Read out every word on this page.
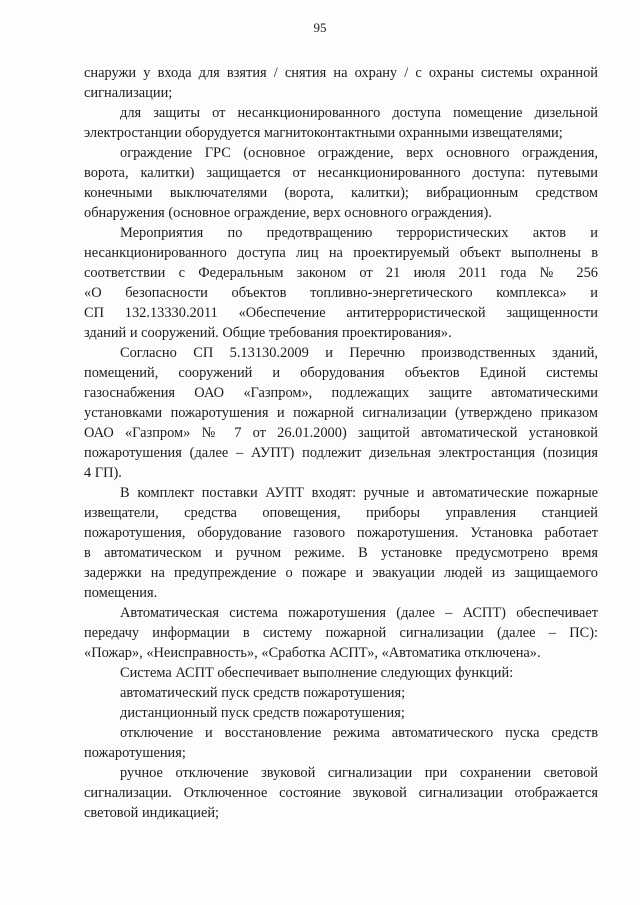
95
снаружи у входа для взятия / снятия на охрану / с охраны системы охранной
сигнализации;
для защиты от несанкционированного доступа помещение дизельной
электростанции оборудуется магнитоконтактными охранными извещателями;
ограждение ГРС (основное ограждение, верх основного ограждения,
ворота, калитки) защищается от несанкционированного доступа: путевыми
конечными выключателями (ворота, калитки); вибрационным средством
обнаружения (основное ограждение, верх основного ограждения).
Мероприятия по предотвращению террористических актов и
несанкционированного доступа лиц на проектируемый объект выполнены в
соответствии с Федеральным законом от 21 июля 2011 года № 256
«О безопасности объектов топливно-энергетического комплекса» и
СП 132.13330.2011 «Обеспечение антитеррористической защищенности
зданий и сооружений. Общие требования проектирования».
Согласно СП 5.13130.2009 и Перечню производственных зданий,
помещений, сооружений и оборудования объектов Единой системы
газоснабжения ОАО «Газпром», подлежащих защите автоматическими
установками пожаротушения и пожарной сигнализации (утверждено приказом
ОАО «Газпром» № 7 от 26.01.2000) защитой автоматической установкой
пожаротушения (далее – АУПТ) подлежит дизельная электростанция (позиция
4 ГП).
В комплект поставки АУПТ входят: ручные и автоматические пожарные
извещатели, средства оповещения, приборы управления станцией
пожаротушения, оборудование газового пожаротушения. Установка работает
в автоматическом и ручном режиме. В установке предусмотрено время
задержки на предупреждение о пожаре и эвакуации людей из защищаемого
помещения.
Автоматическая система пожаротушения (далее – АСПТ) обеспечивает
передачу информации в систему пожарной сигнализации (далее – ПС):
«Пожар», «Неисправность», «Сработка АСПТ», «Автоматика отключена».
Система АСПТ обеспечивает выполнение следующих функций:
автоматический пуск средств пожаротушения;
дистанционный пуск средств пожаротушения;
отключение и восстановление режима автоматического пуска средств
пожаротушения;
ручное отключение звуковой сигнализации при сохранении световой
сигнализации. Отключенное состояние звуковой сигнализации отображается
световой индикацией;
